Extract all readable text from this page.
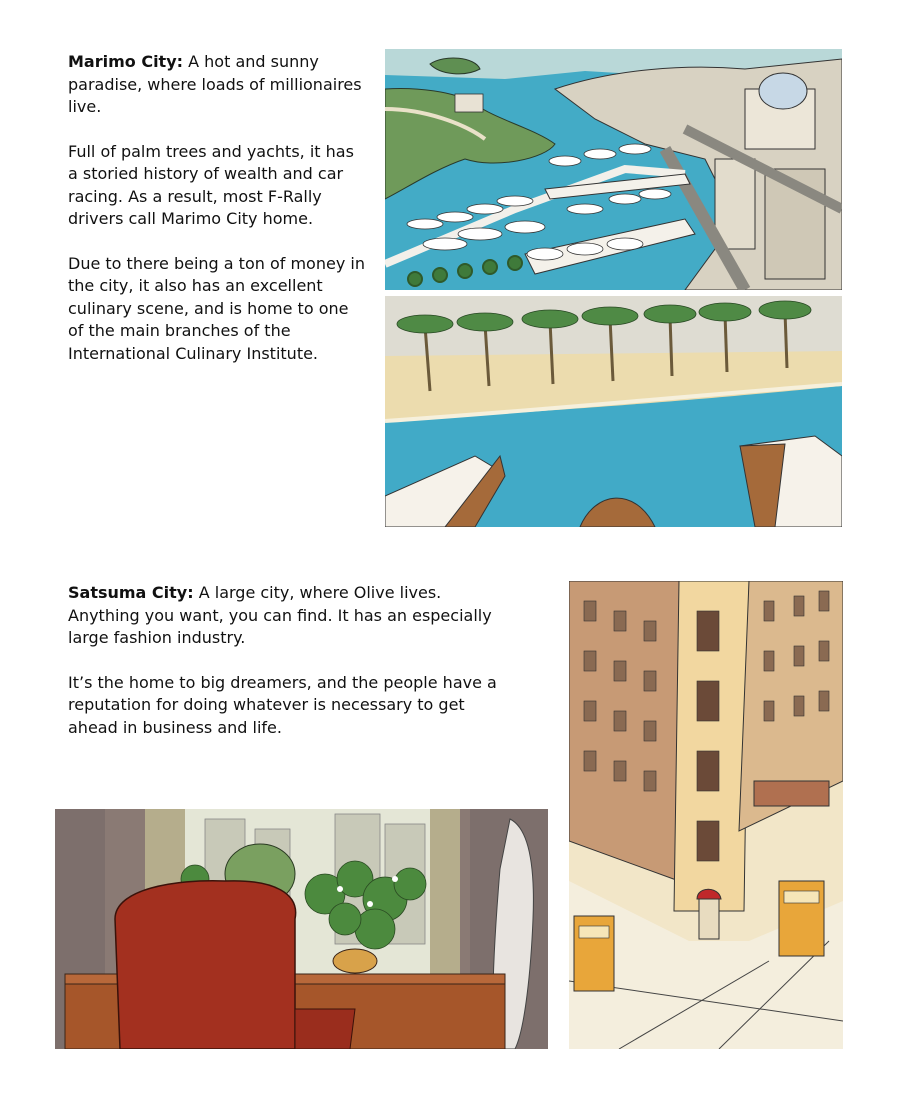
Marimo City: A hot and sunny paradise, where loads of millionaires live.

Full of palm trees and yachts, it has a storied history of wealth and car racing. As a result, most F-Rally drivers call Marimo City home.

Due to there being a ton of money in the city, it also has an excellent culinary scene, and is home to one of the main branches of the International Culinary Institute.

Satsuma City: A large city, where Olive lives. Anything you want, you can find. It has an especially large fashion industry.

It’s the home to big dreamers, and the people have a reputation for doing whatever is necessary to get ahead in business and life.
